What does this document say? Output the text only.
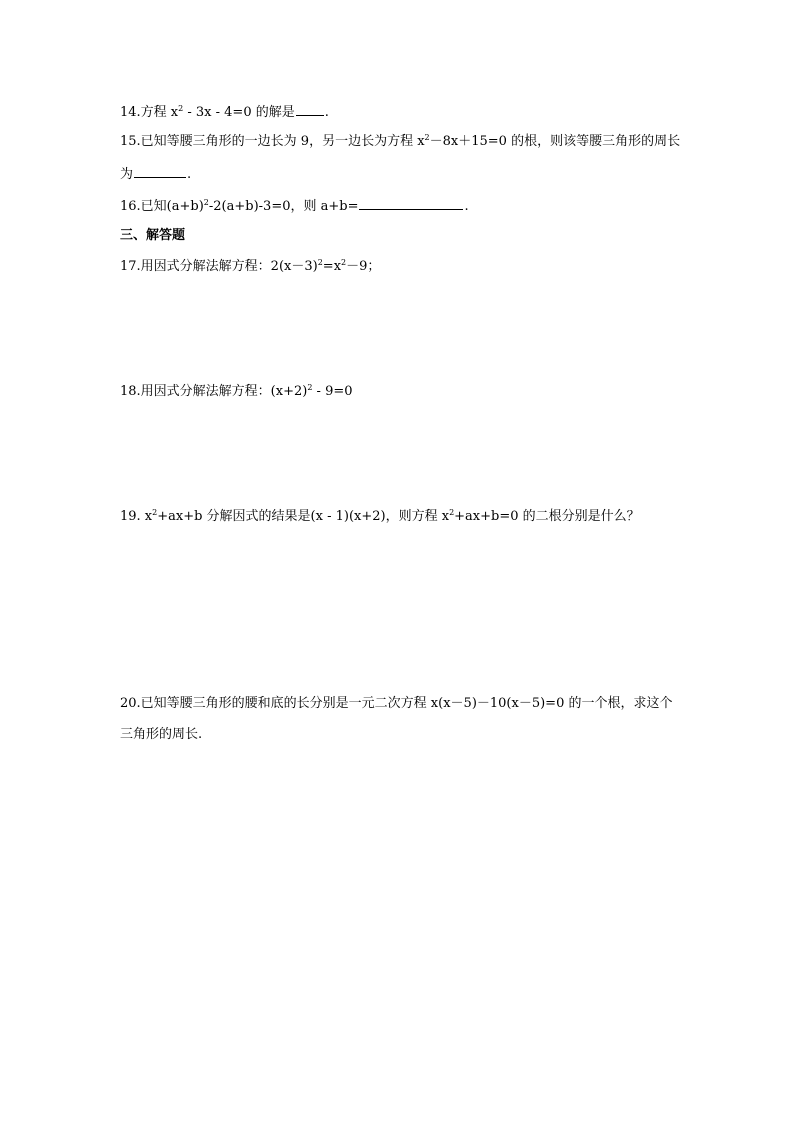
14.方程 $x^2 - 3x - 4=0$ 的解是 .
15.已知等腰三角形的一边长为 9，另一边长为方程 $x^2-8x+15=0$ 的根，则该等腰三角形的周长
为	.
16.已知$(a+b)^2-2(a+b)-3=0$，则 a+b=	.
三、解答题
17.用因式分解法解方程：$2(x-3)^2=x^2-9$；
18.用因式分解法解方程：$(x+2)^2 - 9=0$
19. $x^2+ax+b$ 分解因式的结果是(x - 1)(x+2)，则方程 $x^2+ax+b=0$ 的二根分别是什么？
20.已知等腰三角形的腰和底的长分别是一元二次方程 x(x－5)－10(x－5)=0 的一个根，求这个
三角形的周长.
